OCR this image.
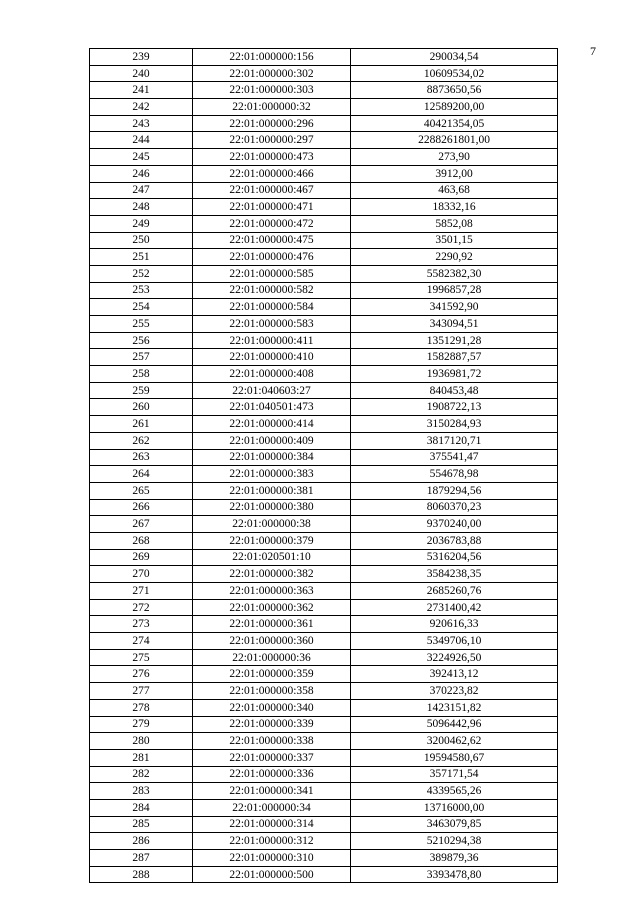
7
239	22:01:000000:156	290034,54
240	22:01:000000:302	10609534,02
241	22:01:000000:303	8873650,56
242	22:01:000000:32	12589200,00
243	22:01:000000:296	40421354,05
244	22:01:000000:297	2288261801,00
245	22:01:000000:473	273,90
246	22:01:000000:466	3912,00
247	22:01:000000:467	463,68
248	22:01:000000:471	18332,16
249	22:01:000000:472	5852,08
250	22:01:000000:475	3501,15
251	22:01:000000:476	2290,92
252	22:01:000000:585	5582382,30
253	22:01:000000:582	1996857,28
254	22:01:000000:584	341592,90
255	22:01:000000:583	343094,51
256	22:01:000000:411	1351291,28
257	22:01:000000:410	1582887,57
258	22:01:000000:408	1936981,72
259	22:01:040603:27	840453,48
260	22:01:040501:473	1908722,13
261	22:01:000000:414	3150284,93
262	22:01:000000:409	3817120,71
263	22:01:000000:384	375541,47
264	22:01:000000:383	554678,98
265	22:01:000000:381	1879294,56
266	22:01:000000:380	8060370,23
267	22:01:000000:38	9370240,00
268	22:01:000000:379	2036783,88
269	22:01:020501:10	5316204,56
270	22:01:000000:382	3584238,35
271	22:01:000000:363	2685260,76
272	22:01:000000:362	2731400,42
273	22:01:000000:361	920616,33
274	22:01:000000:360	5349706,10
275	22:01:000000:36	3224926,50
276	22:01:000000:359	392413,12
277	22:01:000000:358	370223,82
278	22:01:000000:340	1423151,82
279	22:01:000000:339	5096442,96
280	22:01:000000:338	3200462,62
281	22:01:000000:337	19594580,67
282	22:01:000000:336	357171,54
283	22:01:000000:341	4339565,26
284	22:01:000000:34	13716000,00
285	22:01:000000:314	3463079,85
286	22:01:000000:312	5210294,38
287	22:01:000000:310	389879,36
288	22:01:000000:500	3393478,80
